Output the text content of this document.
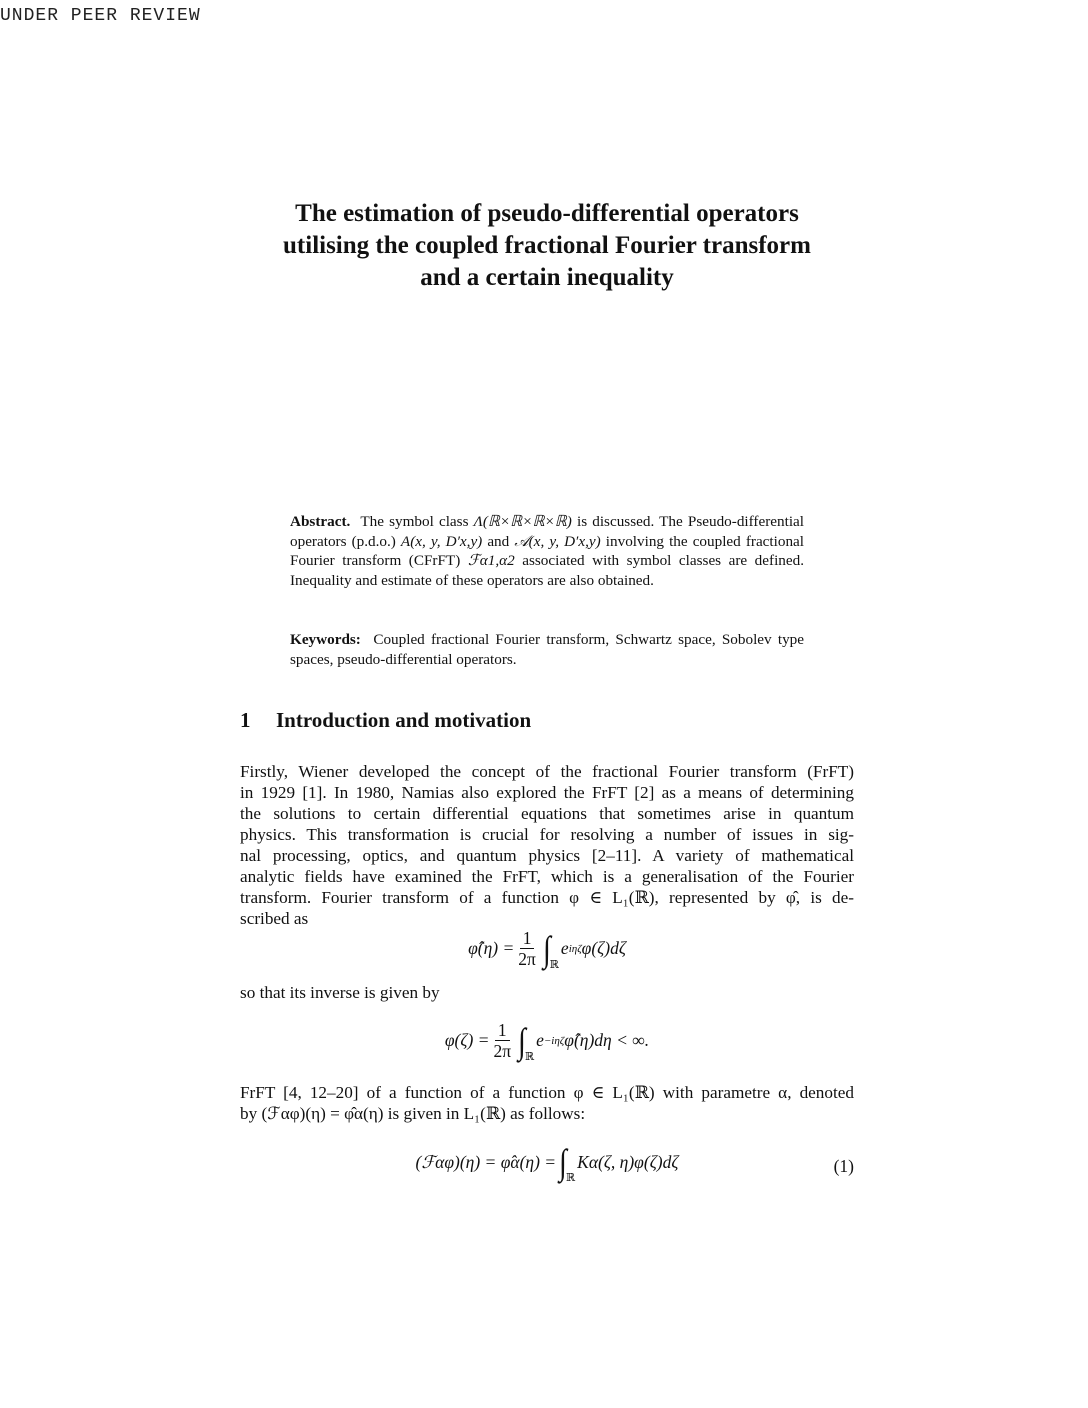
UNDER PEER REVIEW
The estimation of pseudo-differential operators
utilising the coupled fractional Fourier transform
and a certain inequality
Abstract. The symbol class Λ(ℝ×ℝ×ℝ×ℝ) is discussed. The Pseudo-differential operators (p.d.o.) A(x, y, D′x,y) and 𝒜(x, y, D′x,y) involving the coupled fractional Fourier transform (CFrFT) ℱα1,α2 associated with symbol classes are defined. Inequality and estimate of these operators are also obtained.
Keywords: Coupled fractional Fourier transform, Schwartz space, Sobolev type spaces, pseudo-differential operators.
1 Introduction and motivation
Firstly, Wiener developed the concept of the fractional Fourier transform (FrFT)
in 1929 [1]. In 1980, Namias also explored the FrFT [2] as a means of determining
the solutions to certain differential equations that sometimes arise in quantum
physics. This transformation is crucial for resolving a number of issues in sig-
nal processing, optics, and quantum physics [2–11]. A variety of mathematical
analytic fields have examined the FrFT, which is a generalisation of the Fourier
transform. Fourier transform of a function φ ∈ L₁(ℝ), represented by φ̂, is de-
scribed as
φ̂(η) = $\frac{1}{2\pi}$ ∫
ℝ
e iηζ φ(ζ)dζ
so that its inverse is given by
$\varphi(\zeta) = \frac{1}{2\pi}$ ∫
ℝ
e −iηζ φ̂(η)dη < ∞.
FrFT [4, 12–20] of a function of a function φ ∈ L₁(ℝ) with parametre α, denoted
by (ℱαφ)(η) = φ̂α(η) is given in L₁(ℝ) as follows:
(ℱαφ)(η) = φ̂α(η) = ∫
ℝ
Kα(ζ, η)φ(ζ)dζ	(1)
